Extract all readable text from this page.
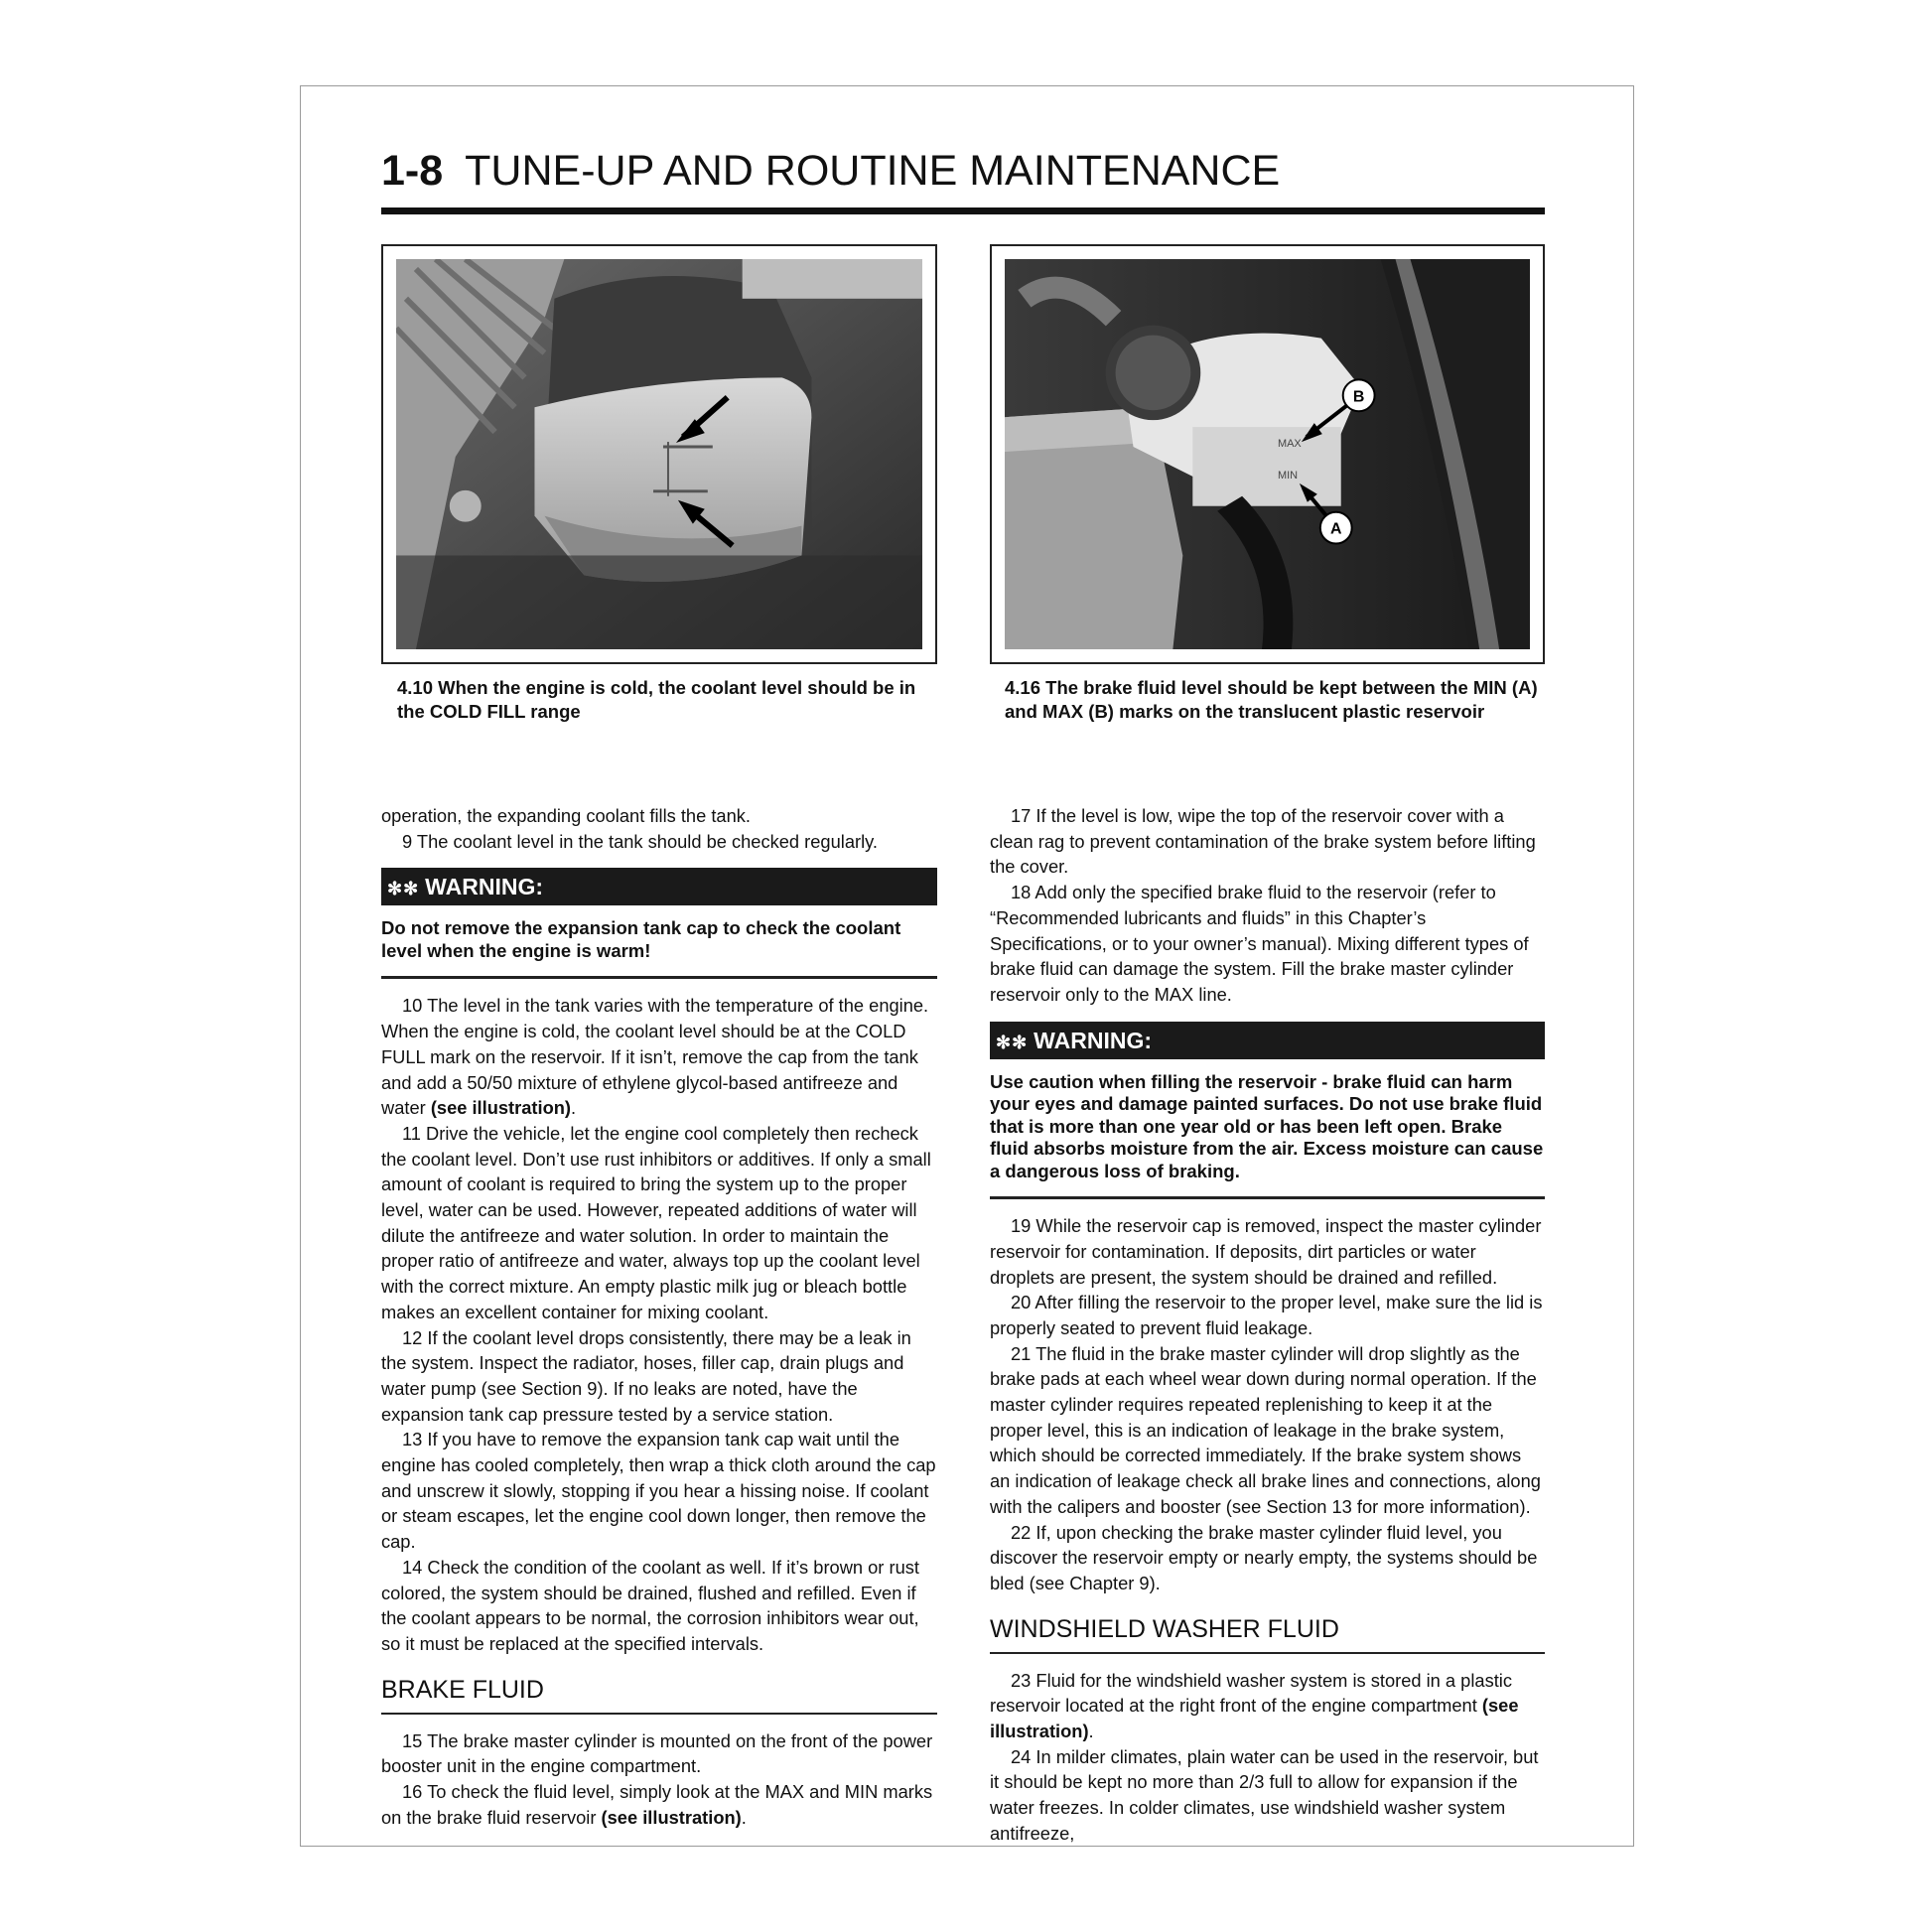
1-8 TUNE-UP AND ROUTINE MAINTENANCE
MAX
MIN
B
A
4.10 When the engine is cold, the coolant level should be in the COLD FILL range
4.16 The brake fluid level should be kept between the MIN (A) and MAX (B) marks on the translucent plastic reservoir

operation, the expanding coolant fills the tank.

9 The coolant level in the tank should be checked regularly.

✻✻ WARNING:
Do not remove the expansion tank cap to check the coolant level when the engine is warm!

10 The level in the tank varies with the temperature of the engine. When the engine is cold, the coolant level should be at the COLD FULL mark on the reservoir. If it isn’t, remove the cap from the tank and add a 50/50 mixture of ethylene glycol-based antifreeze and water (see illustration).

11 Drive the vehicle, let the engine cool completely then recheck the coolant level. Don’t use rust inhibitors or additives. If only a small amount of coolant is required to bring the system up to the proper level, water can be used. However, repeated additions of water will dilute the antifreeze and water solution. In order to maintain the proper ratio of antifreeze and water, always top up the coolant level with the correct mixture. An empty plastic milk jug or bleach bottle makes an excellent container for mixing coolant.

12 If the coolant level drops consistently, there may be a leak in the system. Inspect the radiator, hoses, filler cap, drain plugs and water pump (see Section 9). If no leaks are noted, have the expansion tank cap pressure tested by a service station.

13 If you have to remove the expansion tank cap wait until the engine has cooled completely, then wrap a thick cloth around the cap and unscrew it slowly, stopping if you hear a hissing noise. If coolant or steam escapes, let the engine cool down longer, then remove the cap.

14 Check the condition of the coolant as well. If it’s brown or rust colored, the system should be drained, flushed and refilled. Even if the coolant appears to be normal, the corrosion inhibitors wear out, so it must be replaced at the specified intervals.

BRAKE FLUID

15 The brake master cylinder is mounted on the front of the power booster unit in the engine compartment.

16 To check the fluid level, simply look at the MAX and MIN marks on the brake fluid reservoir (see illustration).

17 If the level is low, wipe the top of the reservoir cover with a clean rag to prevent contamination of the brake system before lifting the cover.

18 Add only the specified brake fluid to the reservoir (refer to “Recommended lubricants and fluids” in this Chapter’s Specifications, or to your owner’s manual). Mixing different types of brake fluid can damage the system. Fill the brake master cylinder reservoir only to the MAX line.

✻✻ WARNING:
Use caution when filling the reservoir - brake fluid can harm your eyes and damage painted surfaces. Do not use brake fluid that is more than one year old or has been left open. Brake fluid absorbs moisture from the air. Excess moisture can cause a dangerous loss of braking.

19 While the reservoir cap is removed, inspect the master cylinder reservoir for contamination. If deposits, dirt particles or water droplets are present, the system should be drained and refilled.

20 After filling the reservoir to the proper level, make sure the lid is properly seated to prevent fluid leakage.

21 The fluid in the brake master cylinder will drop slightly as the brake pads at each wheel wear down during normal operation. If the master cylinder requires repeated replenishing to keep it at the proper level, this is an indication of leakage in the brake system, which should be corrected immediately. If the brake system shows an indication of leakage check all brake lines and connections, along with the calipers and booster (see Section 13 for more information).

22 If, upon checking the brake master cylinder fluid level, you discover the reservoir empty or nearly empty, the systems should be bled (see Chapter 9).

WINDSHIELD WASHER FLUID

23 Fluid for the windshield washer system is stored in a plastic reservoir located at the right front of the engine compartment (see illustration).

24 In milder climates, plain water can be used in the reservoir, but it should be kept no more than 2/3 full to allow for expansion if the water freezes. In colder climates, use windshield washer system antifreeze,
